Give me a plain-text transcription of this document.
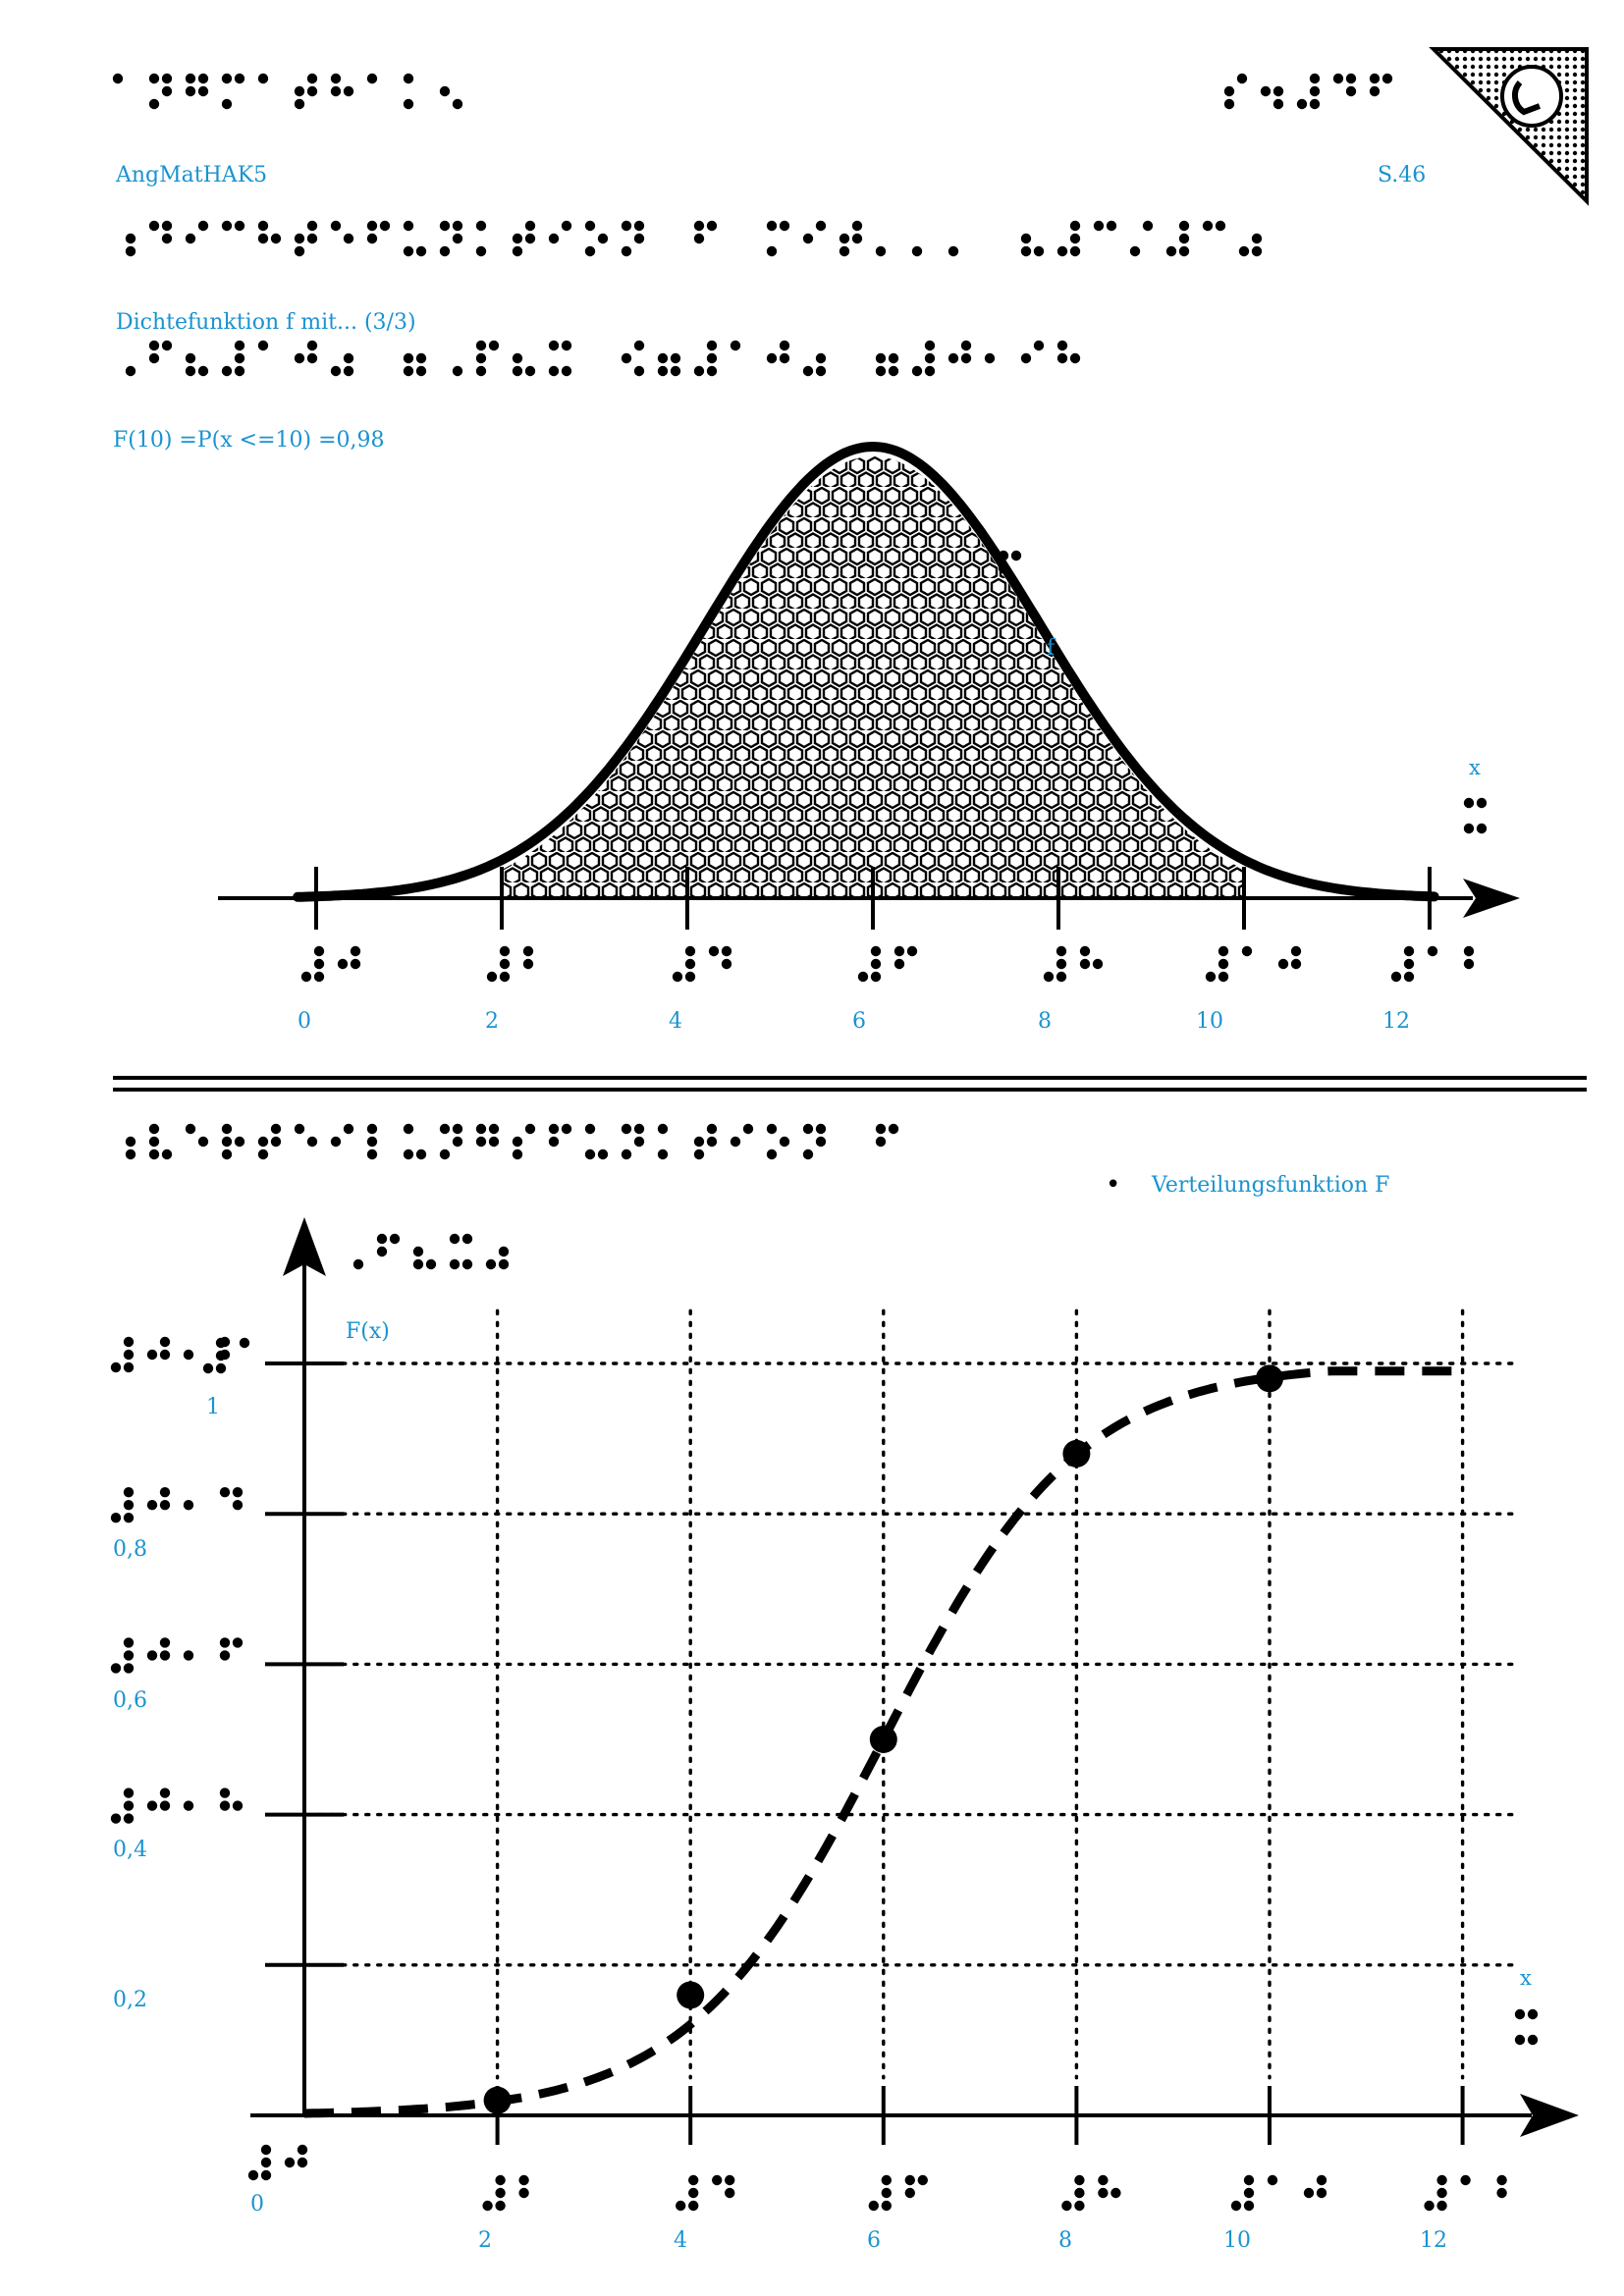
AngMatHAK5	S.46
Dichtefunktion f mit... (3/3)
F(10) =P(x <=10) =0,98
f
x
0	2	4	6	8	10	12
• Verteilungsfunktion F
F(x)
x
1
0,8
0,6
0,4
0,2
0
2	4	6	8	10	12
